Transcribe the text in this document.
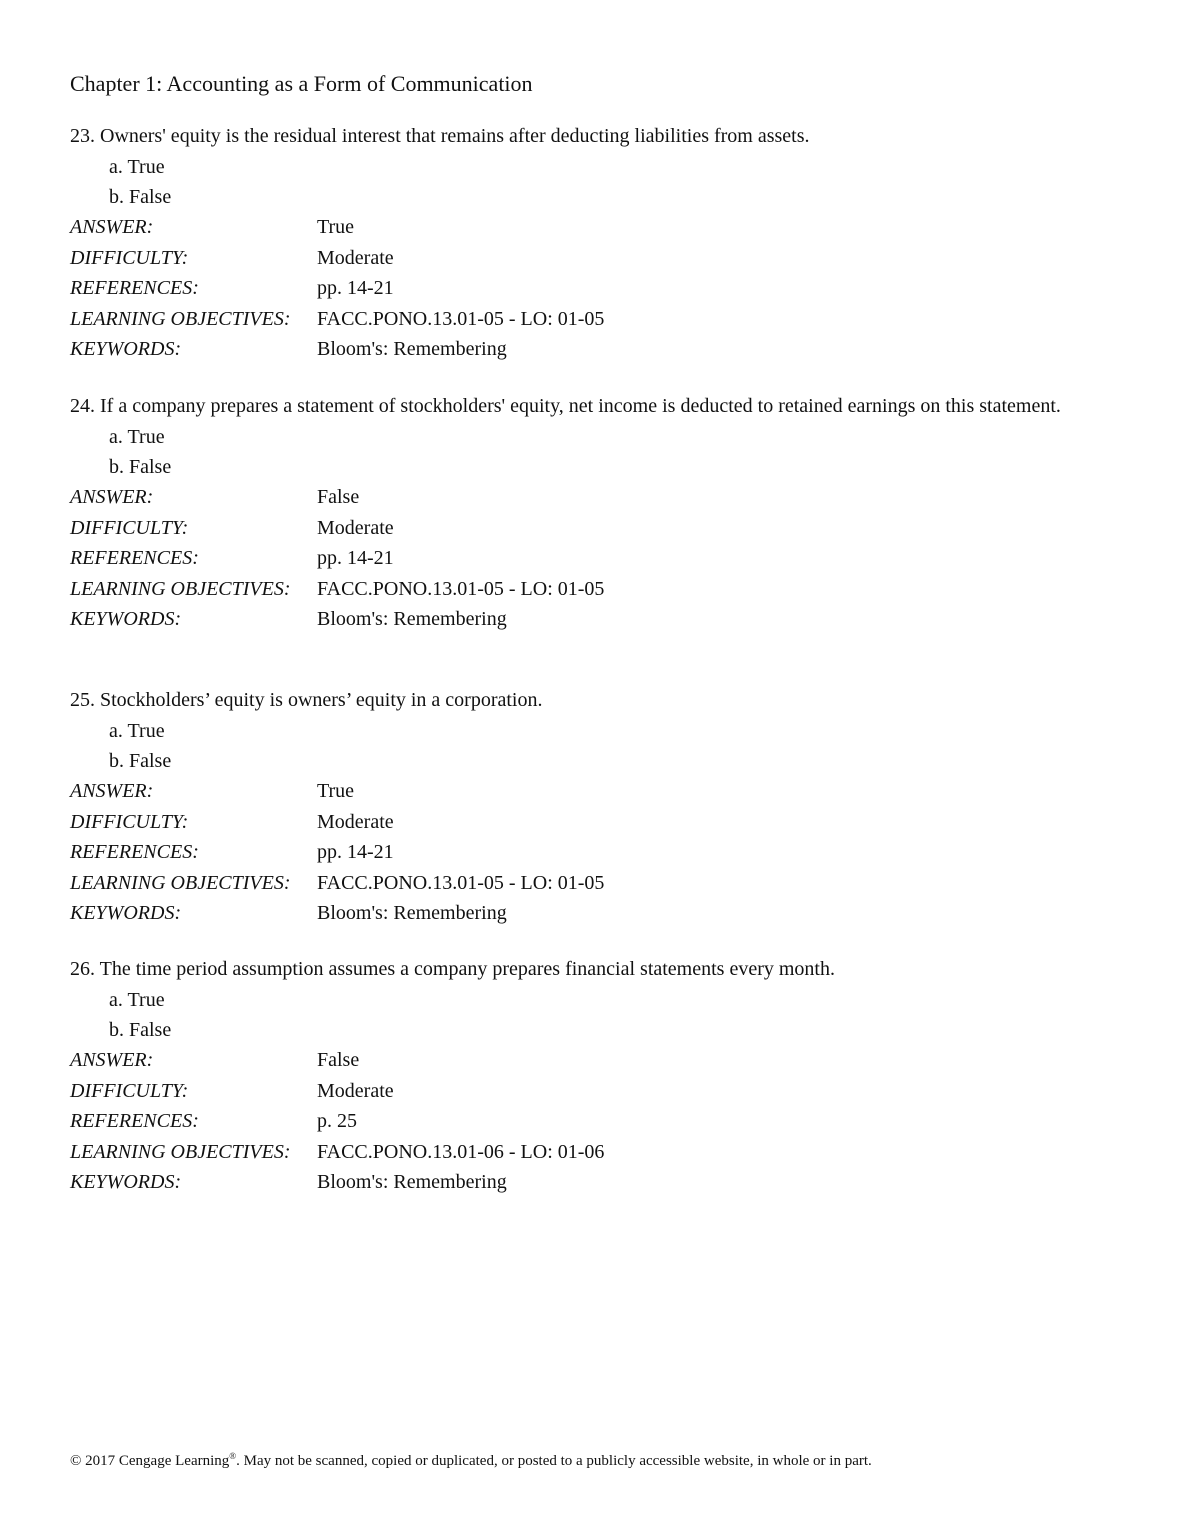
Chapter 1: Accounting as a Form of Communication
23. Owners' equity is the residual interest that remains after deducting liabilities from assets.
a. True
b. False
ANSWER:	True
DIFFICULTY:	Moderate
REFERENCES:	pp. 14-21
LEARNING OBJECTIVES:	FACC.PONO.13.01-05 - LO: 01-05
KEYWORDS:	Bloom's: Remembering
24. If a company prepares a statement of stockholders' equity, net income is deducted to retained earnings on this statement.
a. True
b. False
ANSWER:	False
DIFFICULTY:	Moderate
REFERENCES:	pp. 14-21
LEARNING OBJECTIVES:	FACC.PONO.13.01-05 - LO: 01-05
KEYWORDS:	Bloom's: Remembering
25. Stockholders’ equity is owners’ equity in a corporation.
a. True
b. False
ANSWER:	True
DIFFICULTY:	Moderate
REFERENCES:	pp. 14-21
LEARNING OBJECTIVES:	FACC.PONO.13.01-05 - LO: 01-05
KEYWORDS:	Bloom's: Remembering
26. The time period assumption assumes a company prepares financial statements every month.
a. True
b. False
ANSWER:	False
DIFFICULTY:	Moderate
REFERENCES:	p. 25
LEARNING OBJECTIVES:	FACC.PONO.13.01-06 - LO: 01-06
KEYWORDS:	Bloom's: Remembering
© 2017 Cengage Learning®. May not be scanned, copied or duplicated, or posted to a publicly accessible website, in whole or in part.
